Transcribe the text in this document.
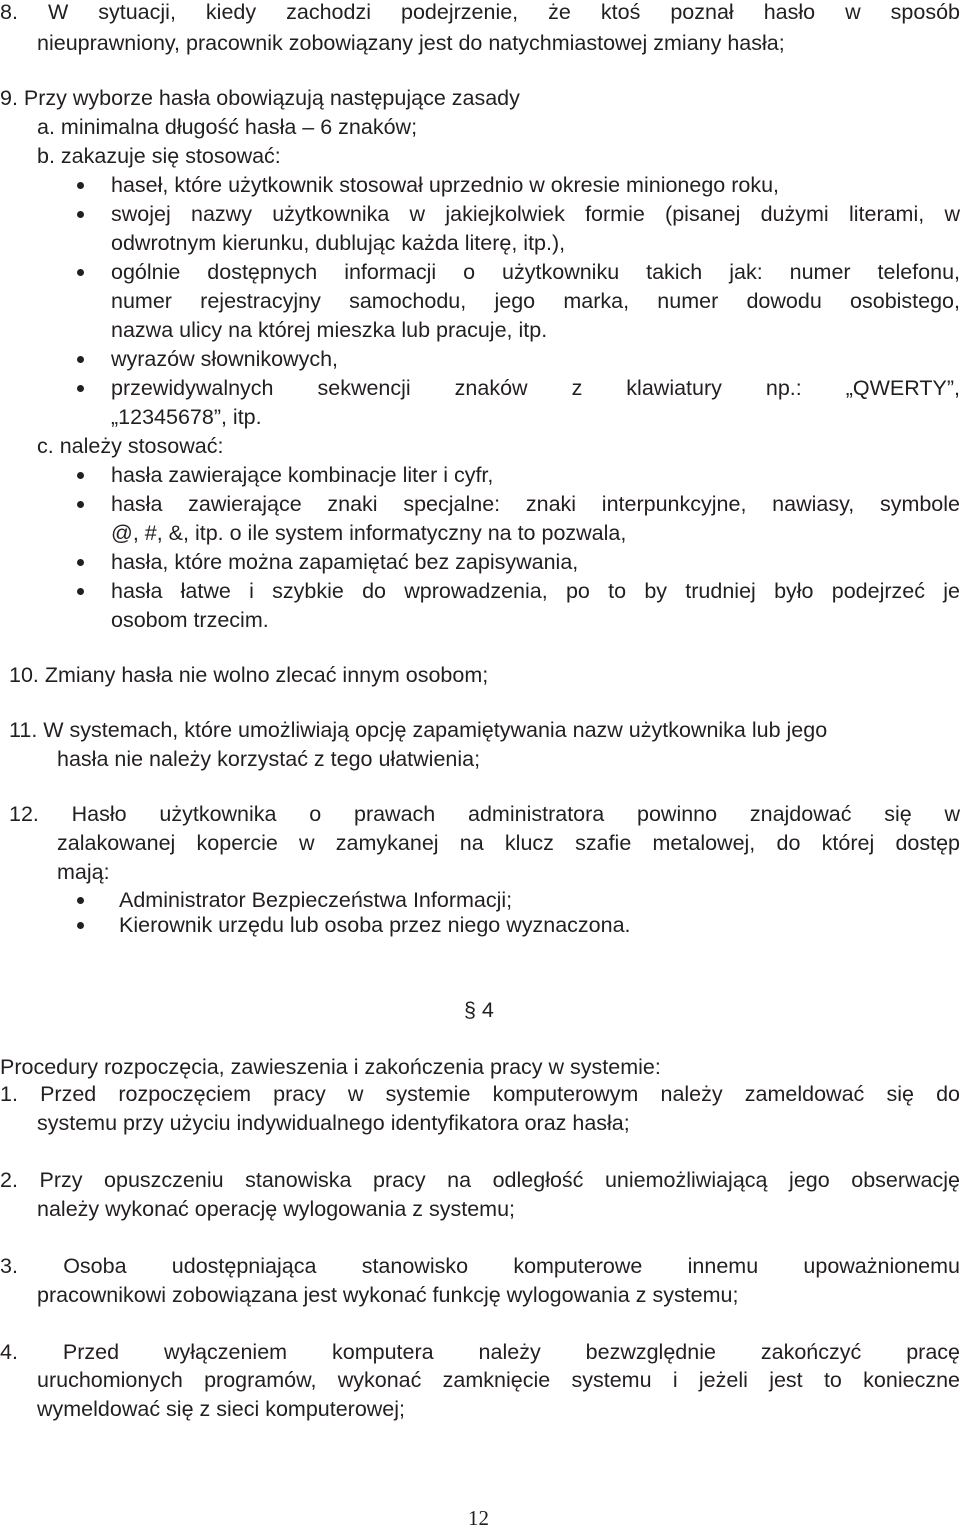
8. W sytuacji, kiedy zachodzi podejrzenie, że ktoś poznał hasło w sposób
nieuprawniony, pracownik zobowiązany jest do natychmiastowej zmiany hasła;
9. Przy wyborze hasła obowiązują następujące zasady
a. minimalna długość hasła – 6 znaków;
b. zakazuje się stosować:
haseł, które użytkownik stosował uprzednio w okresie minionego roku,
swojej nazwy użytkownika w jakiejkolwiek formie (pisanej dużymi literami, w
odwrotnym kierunku, dublując każda literę, itp.),
ogólnie dostępnych informacji o użytkowniku takich jak: numer telefonu,
numer rejestracyjny samochodu, jego marka, numer dowodu osobistego,
nazwa ulicy na której mieszka lub pracuje, itp.
wyrazów słownikowych,
przewidywalnych sekwencji znaków z klawiatury np.: „QWERTY”,
„12345678”, itp.
c. należy stosować:
hasła zawierające kombinacje liter i cyfr,
hasła zawierające znaki specjalne: znaki interpunkcyjne, nawiasy, symbole
@, #, &, itp. o ile system informatyczny na to pozwala,
hasła, które można zapamiętać bez zapisywania,
hasła łatwe i szybkie do wprowadzenia, po to by trudniej było podejrzeć je
osobom trzecim.
10. Zmiany hasła nie wolno zlecać innym osobom;
11. W systemach, które umożliwiają opcję zapamiętywania nazw użytkownika lub jego
hasła nie należy korzystać z tego ułatwienia;
12. Hasło użytkownika o prawach administratora powinno znajdować się w
zalakowanej kopercie w zamykanej na klucz szafie metalowej, do której dostęp
mają:
Administrator Bezpieczeństwa Informacji;
Kierownik urzędu lub osoba przez niego wyznaczona.
§ 4
Procedury rozpoczęcia, zawieszenia i zakończenia pracy w systemie:
1. Przed rozpoczęciem pracy w systemie komputerowym należy zameldować się do
systemu przy użyciu indywidualnego identyfikatora oraz hasła;
2. Przy opuszczeniu stanowiska pracy na odległość uniemożliwiającą jego obserwację
należy wykonać operację wylogowania z systemu;
3. Osoba udostępniająca stanowisko komputerowe innemu upoważnionemu
pracownikowi zobowiązana jest wykonać funkcję wylogowania z systemu;
4. Przed wyłączeniem komputera należy bezwzględnie zakończyć pracę
uruchomionych programów, wykonać zamknięcie systemu i jeżeli jest to konieczne
wymeldować się z sieci komputerowej;
12
